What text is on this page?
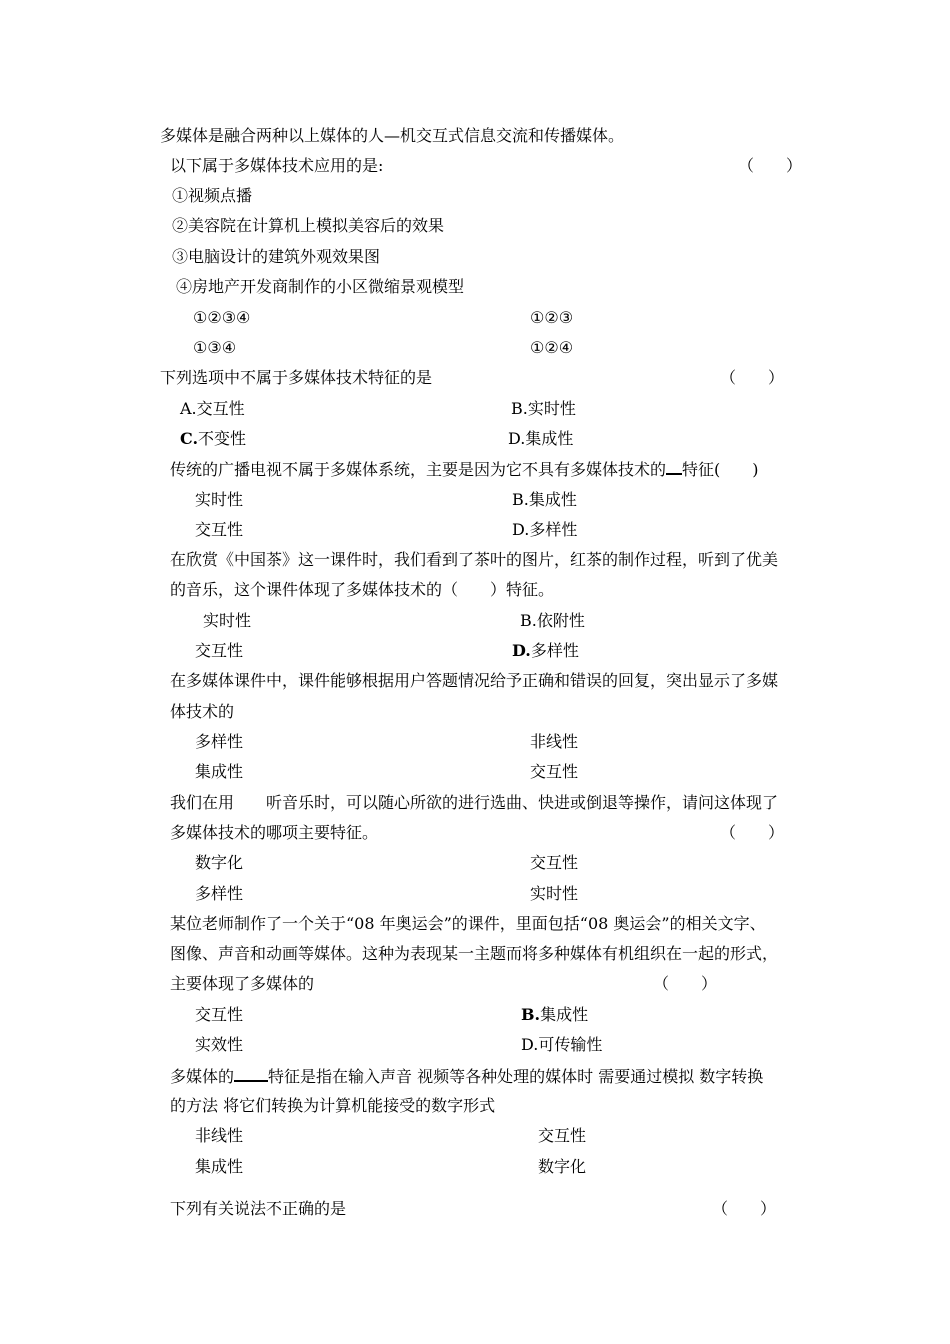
多媒体是融合两种以上媒体的人—机交互式信息交流和传播媒体。
以下属于多媒体技术应用的是:	（　　）
①视频点播
②美容院在计算机上模拟美容后的效果
③电脑设计的建筑外观效果图
④房地产开发商制作的小区微缩景观模型
①②③④	①②③
①③④	①②④
下列选项中不属于多媒体技术特征的是	（　　）
A.交互性	B.实时性
C.不变性	D.集成性
传统的广播电视不属于多媒体系统，主要是因为它不具有多媒体技术的 特征(　　)
实时性	B.集成性
交互性	D.多样性
在欣赏《中国茶》这一课件时，我们看到了茶叶的图片，红茶的制作过程，听到了优美
的音乐，这个课件体现了多媒体技术的（　　）特征。
实时性	B.依附性
交互性	D.多样性
在多媒体课件中，课件能够根据用户答题情况给予正确和错误的回复，突出显示了多媒
体技术的
多样性	非线性
集成性	交互性
我们在用　　听音乐时，可以随心所欲的进行选曲、快进或倒退等操作，请问这体现了
多媒体技术的哪项主要特征。	（　　）
数字化	交互性
多样性	实时性
某位老师制作了一个关于“08 年奥运会”的课件，里面包括“08 奥运会”的相关文字、
图像、声音和动画等媒体。这种为表现某一主题而将多种媒体有机组织在一起的形式，
主要体现了多媒体的	（　　）
交互性	B.集成性
实效性	D.可传输性
多媒体的 特征是指在输入声音 视频等各种处理的媒体时 需要通过模拟 数字转换
的方法 将它们转换为计算机能接受的数字形式
非线性	交互性
集成性	数字化
下列有关说法不正确的是	（　　）
